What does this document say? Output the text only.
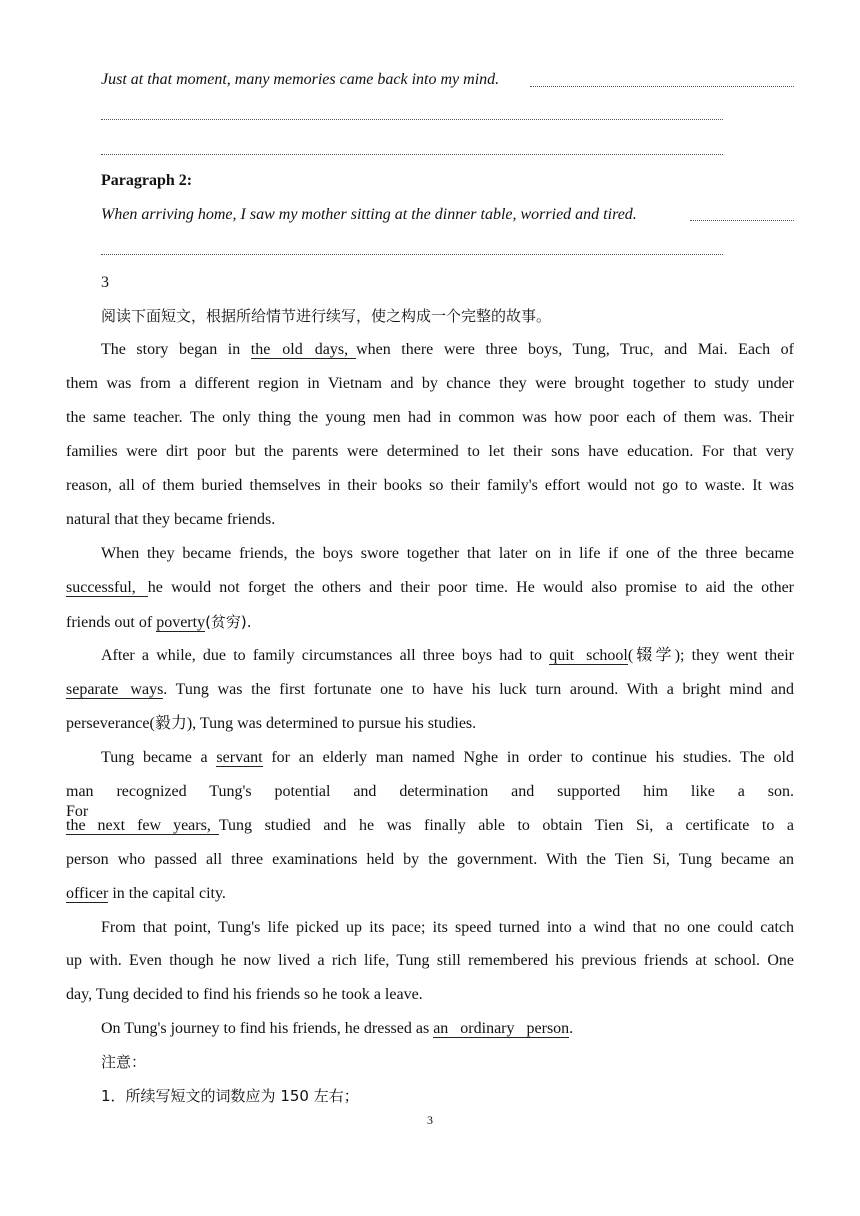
Just at that moment, many memories came back into my mind.
Paragraph 2:
When arriving home, I saw my mother sitting at the dinner table, worried and tired.
3
阅读下面短文，根据所给情节进行续写，使之构成一个完整的故事。
The story began in the   old   days,  when there were three boys, Tung, Truc, and Mai. Each of
them was from a different region in Vietnam and by chance they were brought together to study under
the same teacher. The only thing the young men had in common was how poor each of them was. Their
families were dirt poor but the parents were determined to let their sons have education. For that very
reason, all of them buried themselves in their books so their family's effort would not go to waste. It was
natural that they became friends.
When they became friends, the boys swore together that later on in life if one of the three became
successful,   he would not forget the others and their poor time. He would also promise to aid the other
friends out of poverty(贫穷).
After a while, due to family circumstances all three boys had to quit   school(辍学); they went their
separate   ways. Tung was the first fortunate one to have his luck turn around. With a bright mind and
perseverance(毅力), Tung was determined to pursue his studies.
Tung became a servant for an elderly man named Nghe in order to continue his studies. The old
man recognized Tung's potential and determination and supported him like a son. For
the   next   few   years,  Tung studied and he was finally able to obtain Tien Si, a certificate to a
person who passed all three examinations held by the government. With the Tien Si, Tung became an
officer in the capital city.
From that point, Tung's life picked up its pace; its speed turned into a wind that no one could catch
up with. Even though he now lived a rich life, Tung still remembered his previous friends at school. One
day, Tung decided to find his friends so he took a leave.
On Tung's journey to find his friends, he dressed as an   ordinary   person.
注意：
1．所续写短文的词数应为 150 左右；
3
